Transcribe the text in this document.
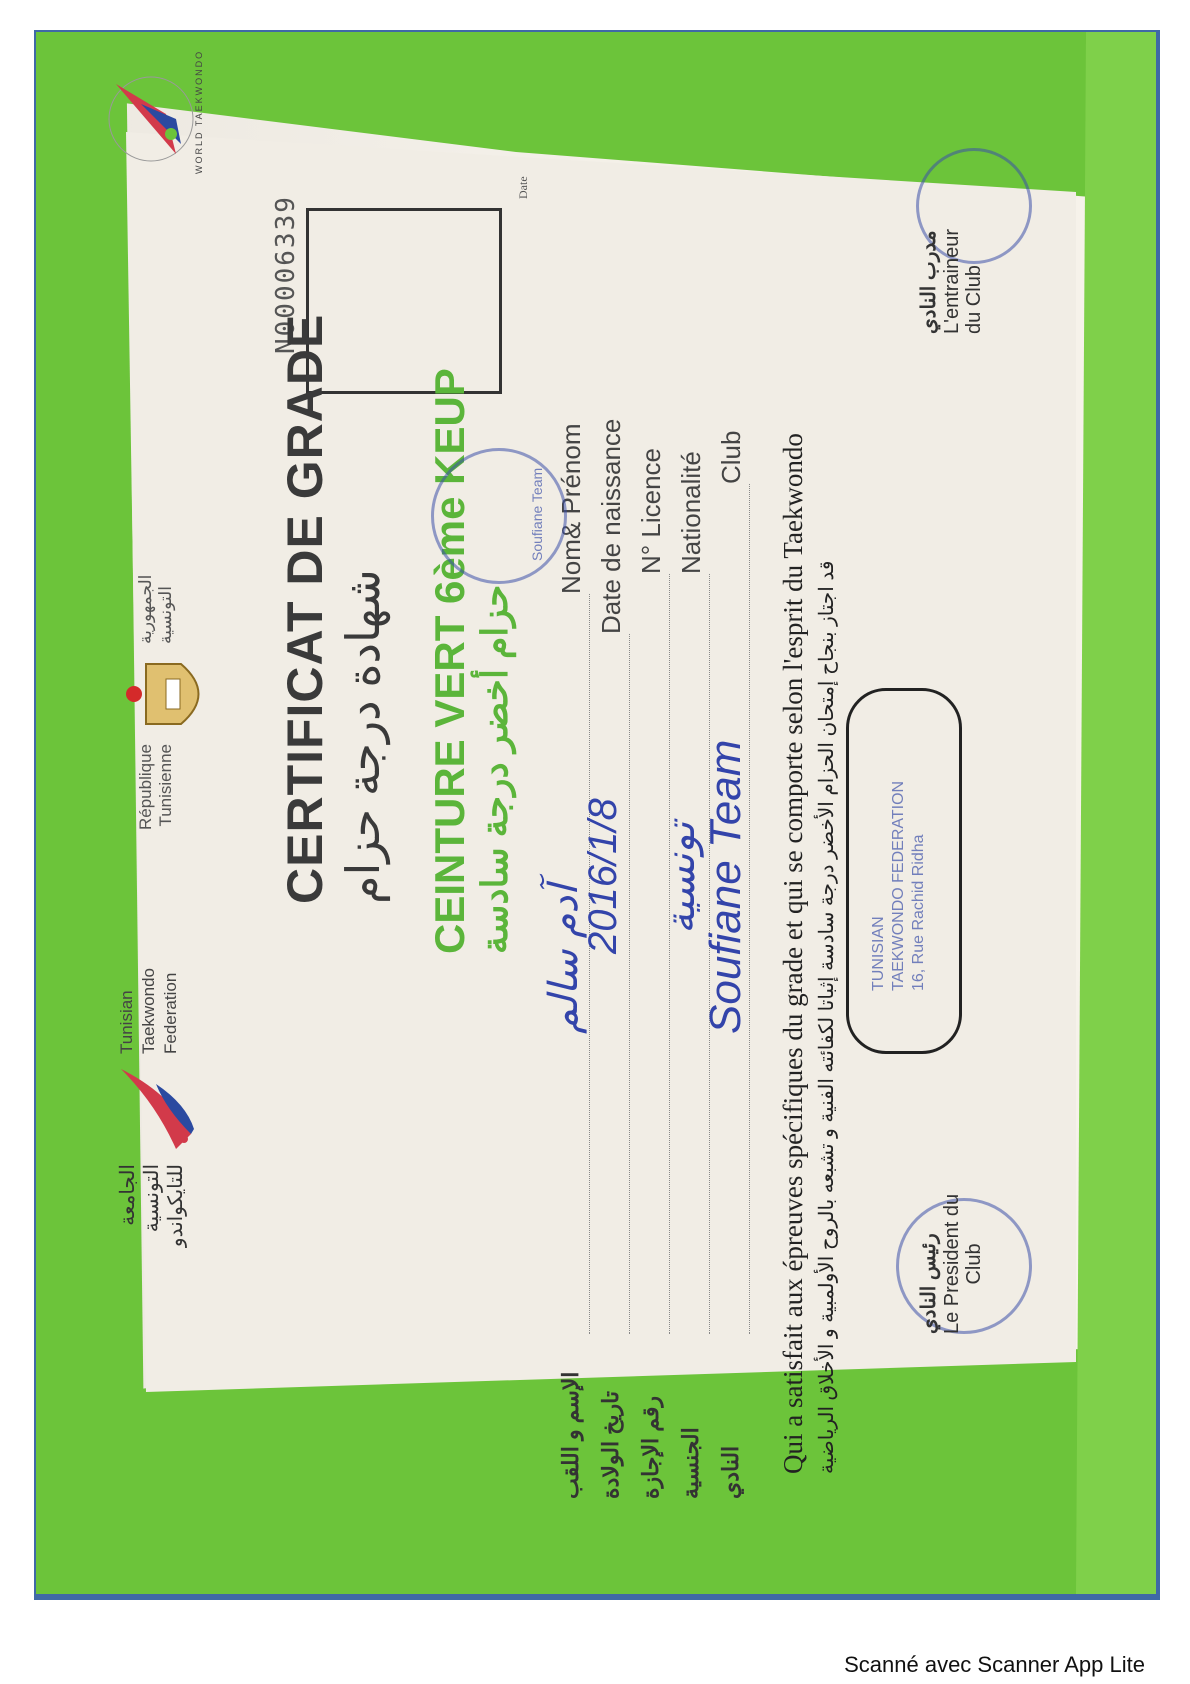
WORLD TAEKWONDO
République
Tunisienne
الجمهورية
التونسية
الجامعة
التونسية
للتايكواندو
Tunisian
Taekwondo
Federation
N00006339
Date
CERTIFICAT DE GRADE شهادة درجة حزام CEINTURE VERT 6ème KEUP حزام أخضر درجة سادسة
Nom& Prénom
آدم سالم
الإسم و اللقب
Date de naissance
2016/1/8
تاريخ الولادة
N° Licence
رقم الإجازة
Nationalité
تونسية
الجنسية
Club
Soufiane Team
النادي Qui a satisfait aux épreuves spécifiques du grade et qui se comporte selon l'esprit du Taekwondo قد اجتاز بنجاح إمتحان الحزام الأخضر درجة سادسة إثباتا لكفائته الفنية و تشبعه بالروح الأولمبية و الأخلاق الرياضية TUNISIAN
TAEKWONDO FEDERATION
16, Rue Rachid Ridha
مدرب النادي L'entraineur
du Club
رئيس النادي Le President du
Club
Soufiane Team
Scanné avec Scanner App Lite
